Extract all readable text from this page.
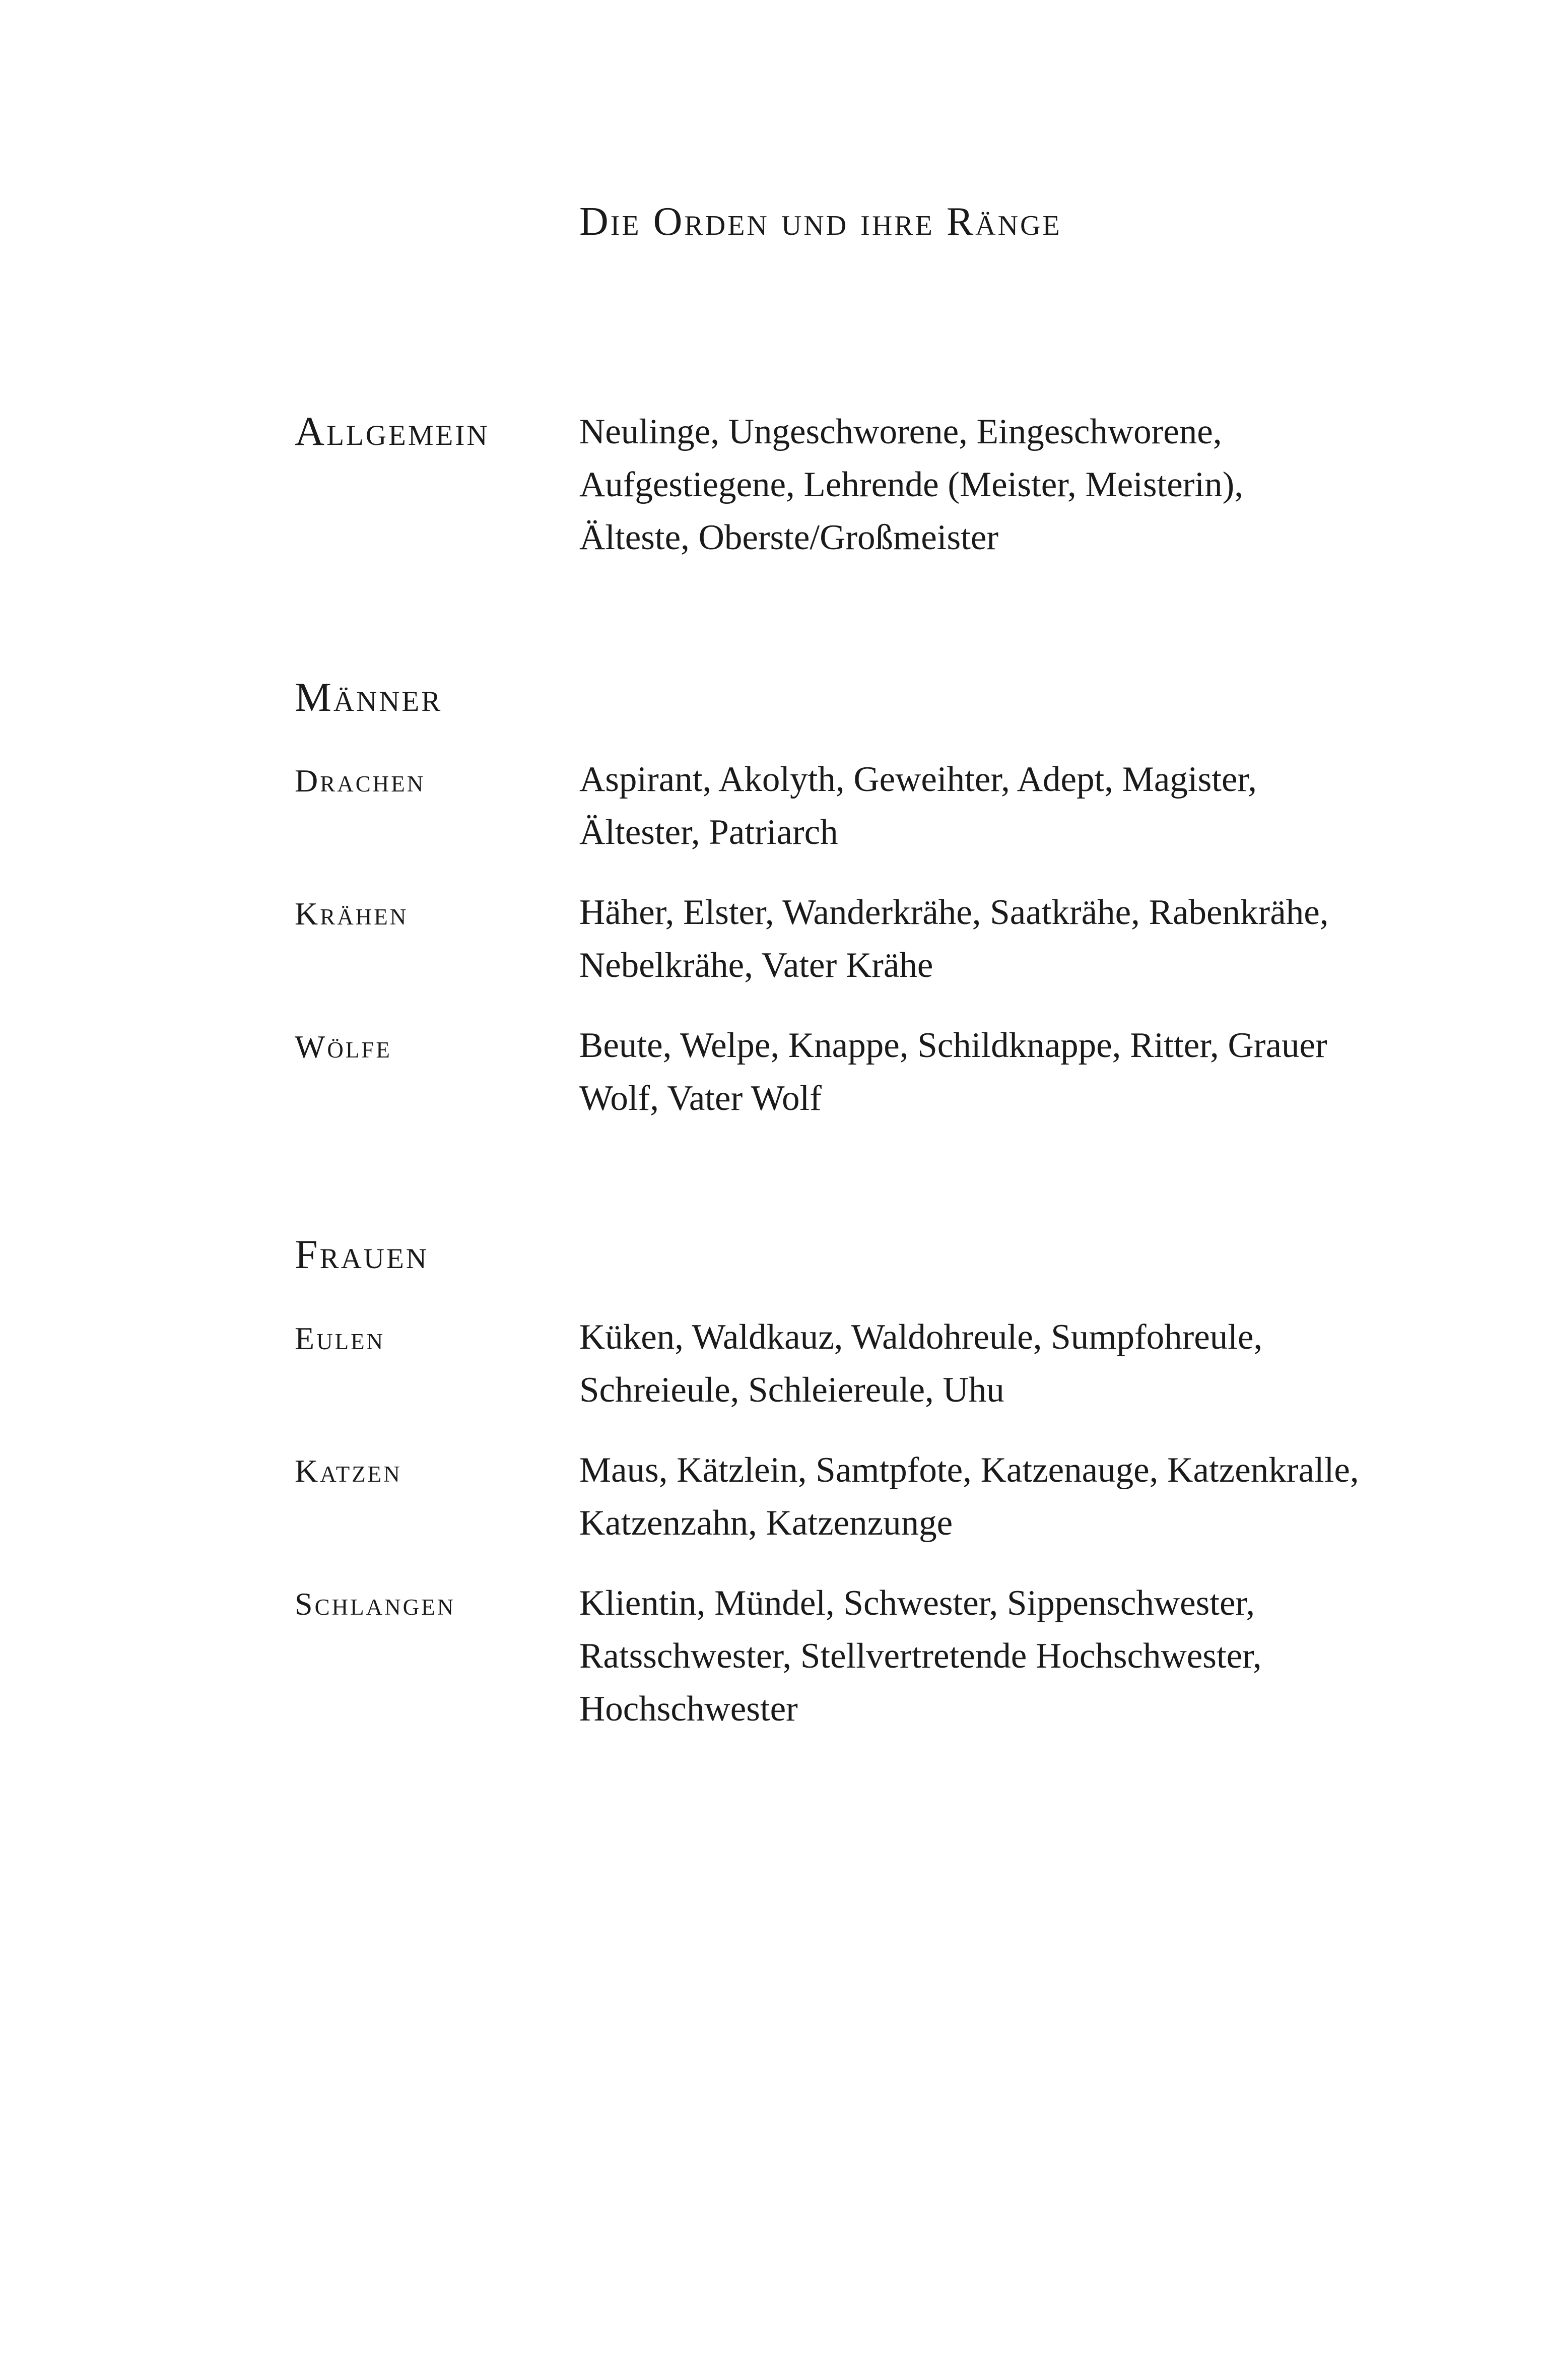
Die Orden und ihre Ränge
Allgemein	Neulinge, Ungeschworene, Eingeschworene,
Aufgestiegene, Lehrende (Meister, Meisterin),
Älteste, Oberste/Großmeister
Männer
Drachen	Aspirant, Akolyth, Geweihter, Adept, Magister,
Ältester, Patriarch
Krähen	Häher, Elster, Wanderkrähe, Saatkrähe, Rabenkrähe,
Nebelkrähe, Vater Krähe
Wölfe	Beute, Welpe, Knappe, Schildknappe, Ritter, Grauer
Wolf, Vater Wolf
Frauen
Eulen	Küken, Waldkauz, Waldohreule, Sumpfohreule,
Schreieule, Schleiereule, Uhu
Katzen	Maus, Kätzlein, Samtpfote, Katzenauge, Katzenkralle,
Katzenzahn, Katzenzunge
Schlangen	Klientin, Mündel, Schwester, Sippenschwester,
Ratsschwester, Stellvertretende Hochschwester,
Hochschwester
